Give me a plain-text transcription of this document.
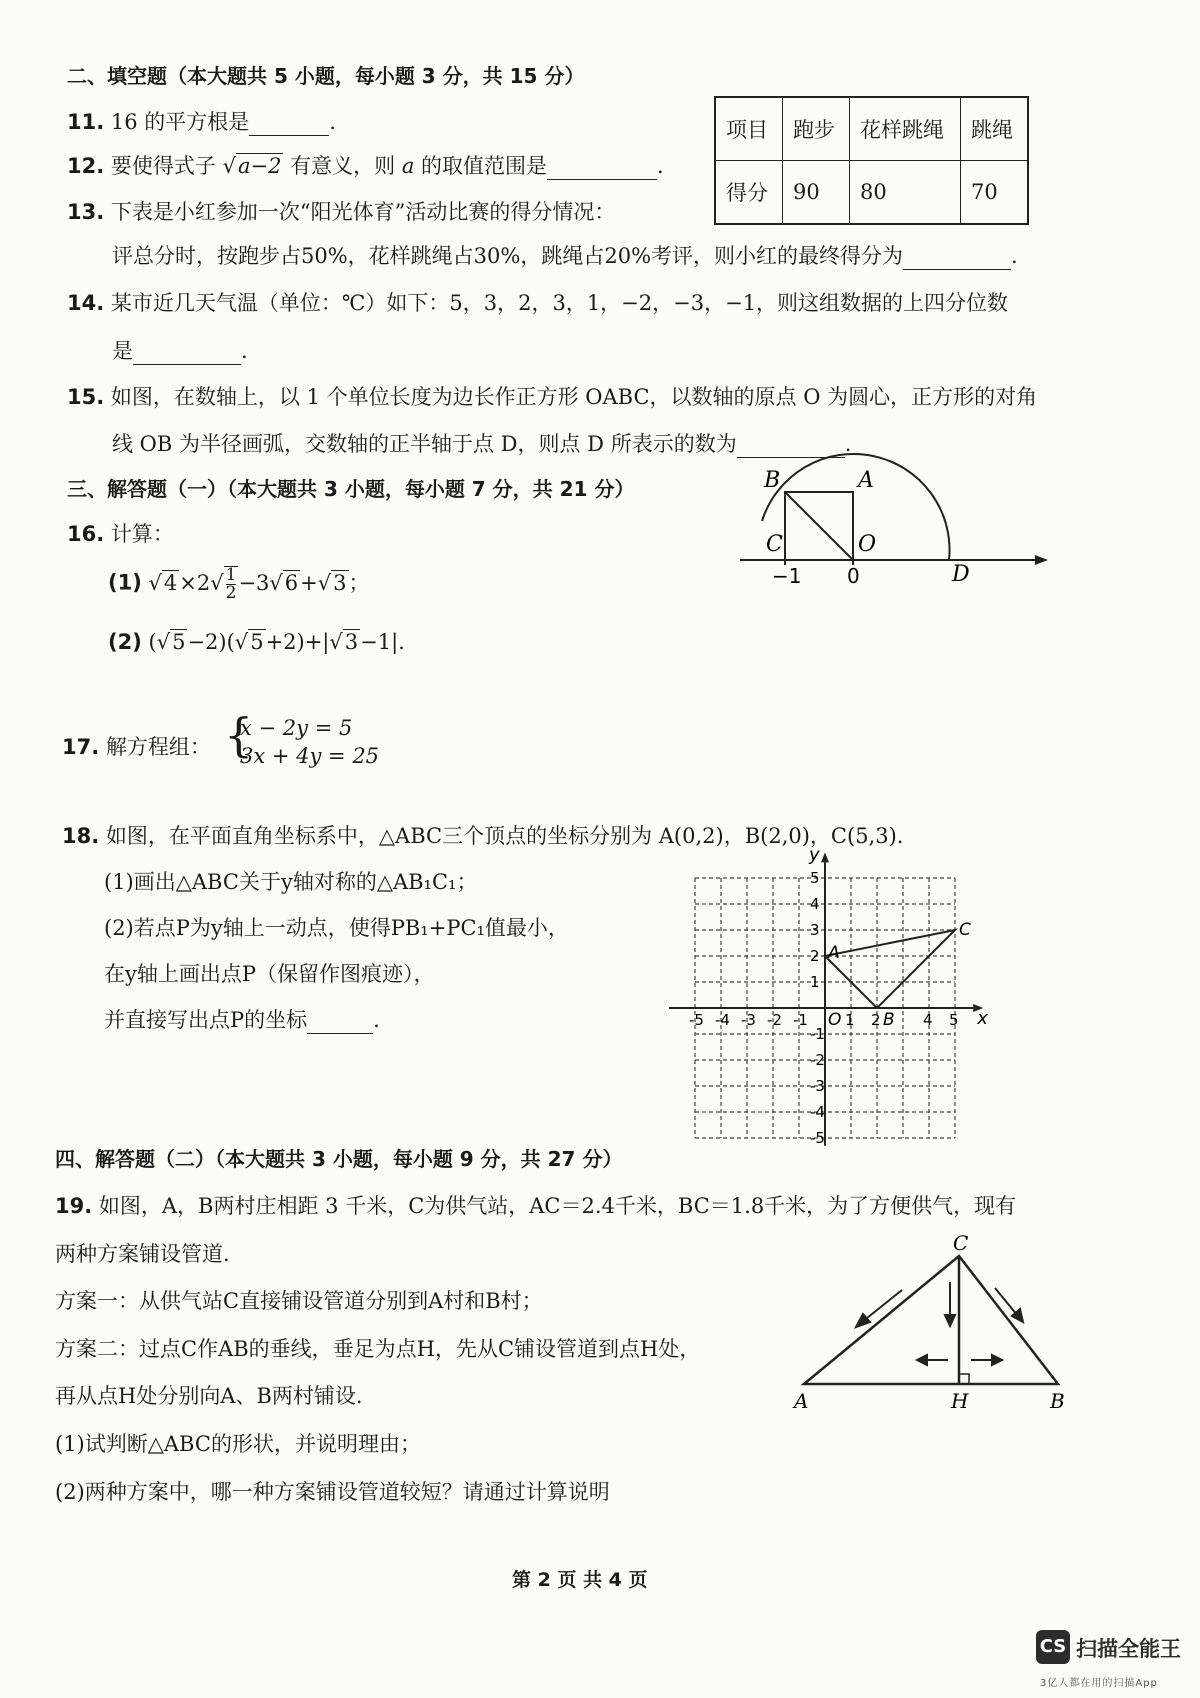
二、填空题（本大题共 5 小题，每小题 3 分，共 15 分）
11. 16 的平方根是	.
12. 要使得式子 √a−2 有意义，则 a 的取值范围是	.
项目	跑步	花样跳绳	跳绳
得分	90	80	70
13. 下表是小红参加一次“阳光体育”活动比赛的得分情况：
评总分时，按跑步占50%，花样跳绳占30%，跳绳占20%考评，则小红的最终得分为	.
14. 某市近几天气温（单位：℃）如下：5，3，2，3，1，−2，−3，−1，则这组数据的上四分位数
是	.
15. 如图，在数轴上，以 1 个单位长度为边长作正方形 OABC，以数轴的原点 O 为圆心，正方形的对角
线 OB 为半径画弧，交数轴的正半轴于点 D，则点 D 所表示的数为	.
B	A
C	O
D
−1 0
三、解答题（一）（本大题共 3 小题，每小题 7 分，共 21 分）
16. 计算：
(1) $√4\times 2√ \frac{1}{2} -3√6+√3$；
(2) (√5−2)(√5+2)+|√3−1|.
17. 解方程组： {
x − 2y = 5
3x + 4y = 25
18. 如图，在平面直角坐标系中，△ABC三个顶点的坐标分别为 A(0,2)，B(2,0)，C(5,3).
(1)画出△ABC关于y轴对称的△AB₁C₁；
(2)若点P为y轴上一动点，使得PB₁+PC₁值最小，
在y轴上画出点P（保留作图痕迹），
并直接写出点P的坐标	.	x
y
O
-5 -4 -3 -2 -1 1 2	4 5
5
4
3
2
1
-1
-2
-3
-4
-5
A
B
C
四、解答题（二）（本大题共 3 小题，每小题 9 分，共 27 分）
19. 如图，A，B两村庄相距 3 千米，C为供气站，AC＝2.4千米，BC＝1.8千米，为了方便供气，现有
两种方案铺设管道.
方案一：从供气站C直接铺设管道分别到A村和B村；
方案二：过点C作AB的垂线，垂足为点H，先从C铺设管道到点H处，
再从点H处分别向A、B两村铺设.
(1)试判断△ABC的形状，并说明理由；
(2)两种方案中，哪一种方案铺设管道较短？请通过计算说明
C
A	H	B
第 2 页 共 4 页
CS 扫描全能王
3亿人都在用的扫描App
